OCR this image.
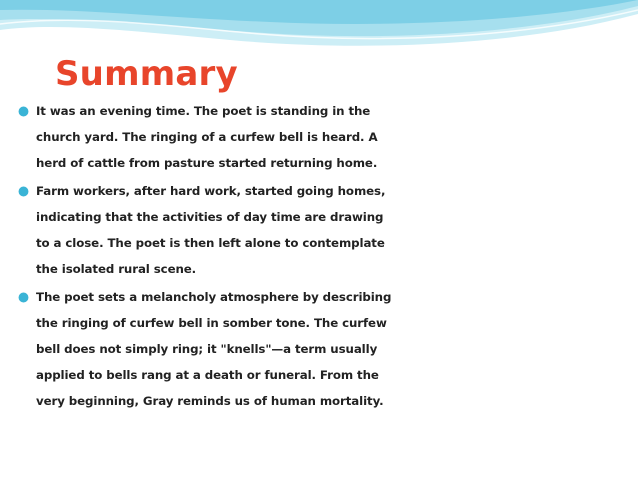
Summary
It was an evening time. The poet is standing in the
church yard. The ringing of a curfew bell is heard. A
herd of cattle from pasture started returning home.
Farm workers, after hard work, started going homes,
indicating that the activities of day time are drawing
to a close. The poet is then left alone to contemplate
the isolated rural scene.
The poet sets a melancholy atmosphere by describing
the ringing of curfew bell in somber tone. The curfew
bell does not simply ring; it "knells"—a term usually
applied to bells rang at a death or funeral. From the
very beginning, Gray reminds us of human mortality.
